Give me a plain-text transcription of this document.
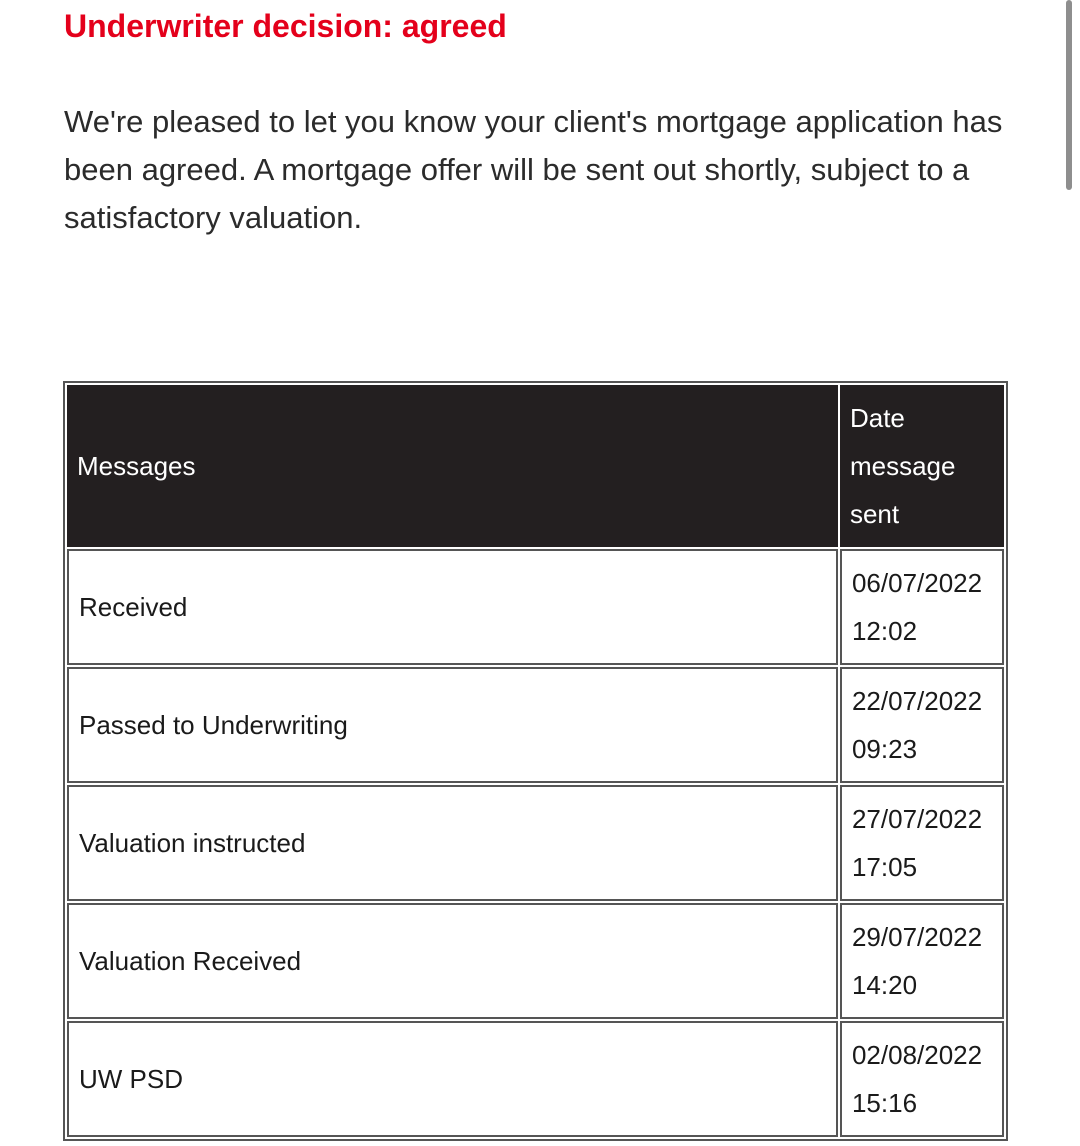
Underwriter decision: agreed

We're pleased to let you know your client's mortgage application has been agreed. A mortgage offer will be sent out shortly, subject to a satisfactory valuation.

Messages	Date message sent
Received	06/07/2022 12:02
Passed to Underwriting	22/07/2022 09:23
Valuation instructed	27/07/2022 17:05
Valuation Received	29/07/2022 14:20
UW PSD	02/08/2022 15:16
